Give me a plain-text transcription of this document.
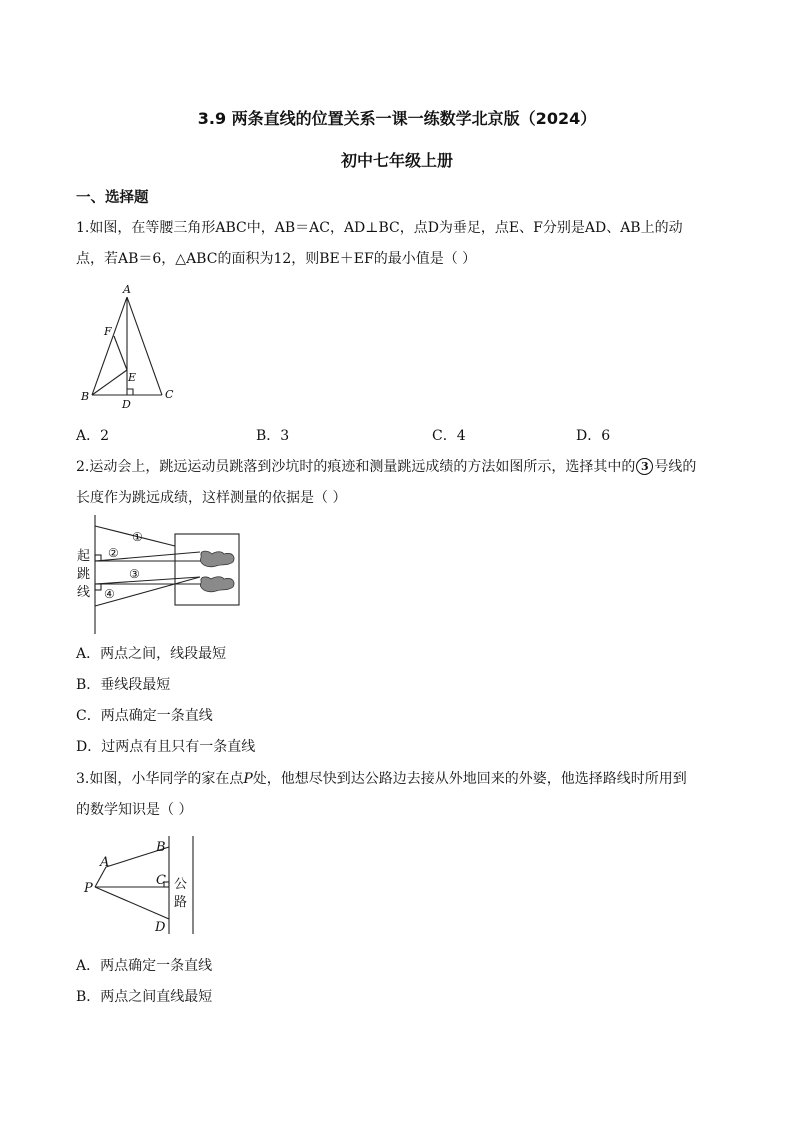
3.9 两条直线的位置关系一课一练数学北京版（2024）
初中七年级上册
一、选择题
1.如图，在等腰三角形ABC中，AB＝AC，AD⊥BC，点D为垂足，点E、F分别是AD、AB上的动
点，若AB＝6，△ABC的面积为12，则BE＋EF的最小值是（ ）
A
F
E
B
D
C
A．2	B．3	C．4	D．6
2.运动会上，跳远运动员跳落到沙坑时的痕迹和测量跳远成绩的方法如图所示，选择其中的 3 号线的
长度作为跳远成绩，这样测量的依据是（ ）
起
跳
线
①
②
③
④
A．两点之间，线段最短
B．垂线段最短
C．两点确定一条直线
D．过两点有且只有一条直线
3.如图，小华同学的家在点P处，他想尽快到达公路边去接从外地回来的外婆，他选择路线时所用到
的数学知识是（ ）
A
B
C
D
P	公
路
A．两点确定一条直线
B．两点之间直线最短
